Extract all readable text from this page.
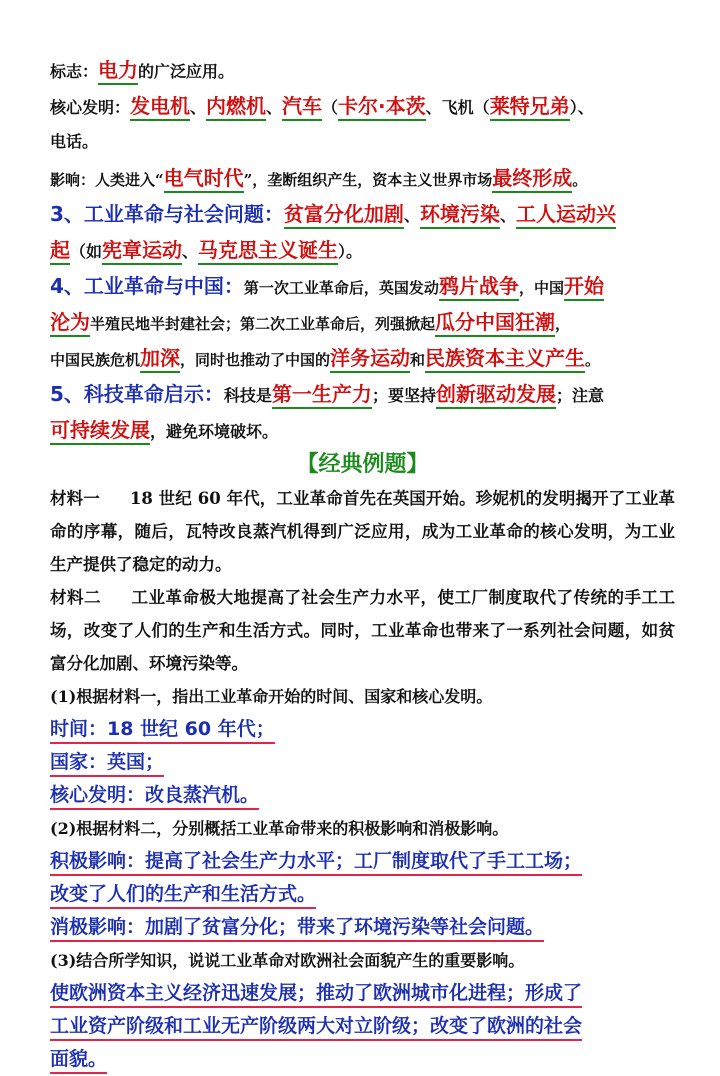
标志：电力的广泛应用。
核心发明：发电机、内燃机、汽车（卡尔·本茨、飞机（莱特兄弟）、
电话。
影响：人类进入“电气时代”，垄断组织产生，资本主义世界市场最终形成。
3、工业革命与社会问题：贫富分化加剧、环境污染、工人运动兴
起（如宪章运动、马克思主义诞生）。
4、工业革命与中国：第一次工业革命后，英国发动鸦片战争，中国开始
沦为半殖民地半封建社会；第二次工业革命后，列强掀起瓜分中国狂潮，
中国民族危机加深，同时也推动了中国的洋务运动和民族资本主义产生。
5、科技革命启示：科技是第一生产力；要坚持创新驱动发展；注意
可持续发展，避免环境破坏。
【经典例题】
材料一 18 世纪 60 年代，工业革命首先在英国开始。珍妮机的发明揭开了工业革命的序幕，随后，瓦特改良蒸汽机得到广泛应用，成为工业革命的核心发明，为工业生产提供了稳定的动力。
材料二 工业革命极大地提高了社会生产力水平，使工厂制度取代了传统的手工工场，改变了人们的生产和生活方式。同时，工业革命也带来了一系列社会问题，如贫富分化加剧、环境污染等。
(1)根据材料一，指出工业革命开始的时间、国家和核心发明。
时间：18 世纪 60 年代；
国家：英国；
核心发明：改良蒸汽机。
(2)根据材料二，分别概括工业革命带来的积极影响和消极影响。
积极影响：提高了社会生产力水平；工厂制度取代了手工工场；
改变了人们的生产和生活方式。
消极影响：加剧了贫富分化；带来了环境污染等社会问题。
(3)结合所学知识，说说工业革命对欧洲社会面貌产生的重要影响。
使欧洲资本主义经济迅速发展；推动了欧洲城市化进程；形成了
工业资产阶级和工业无产阶级两大对立阶级；改变了欧洲的社会
面貌。
